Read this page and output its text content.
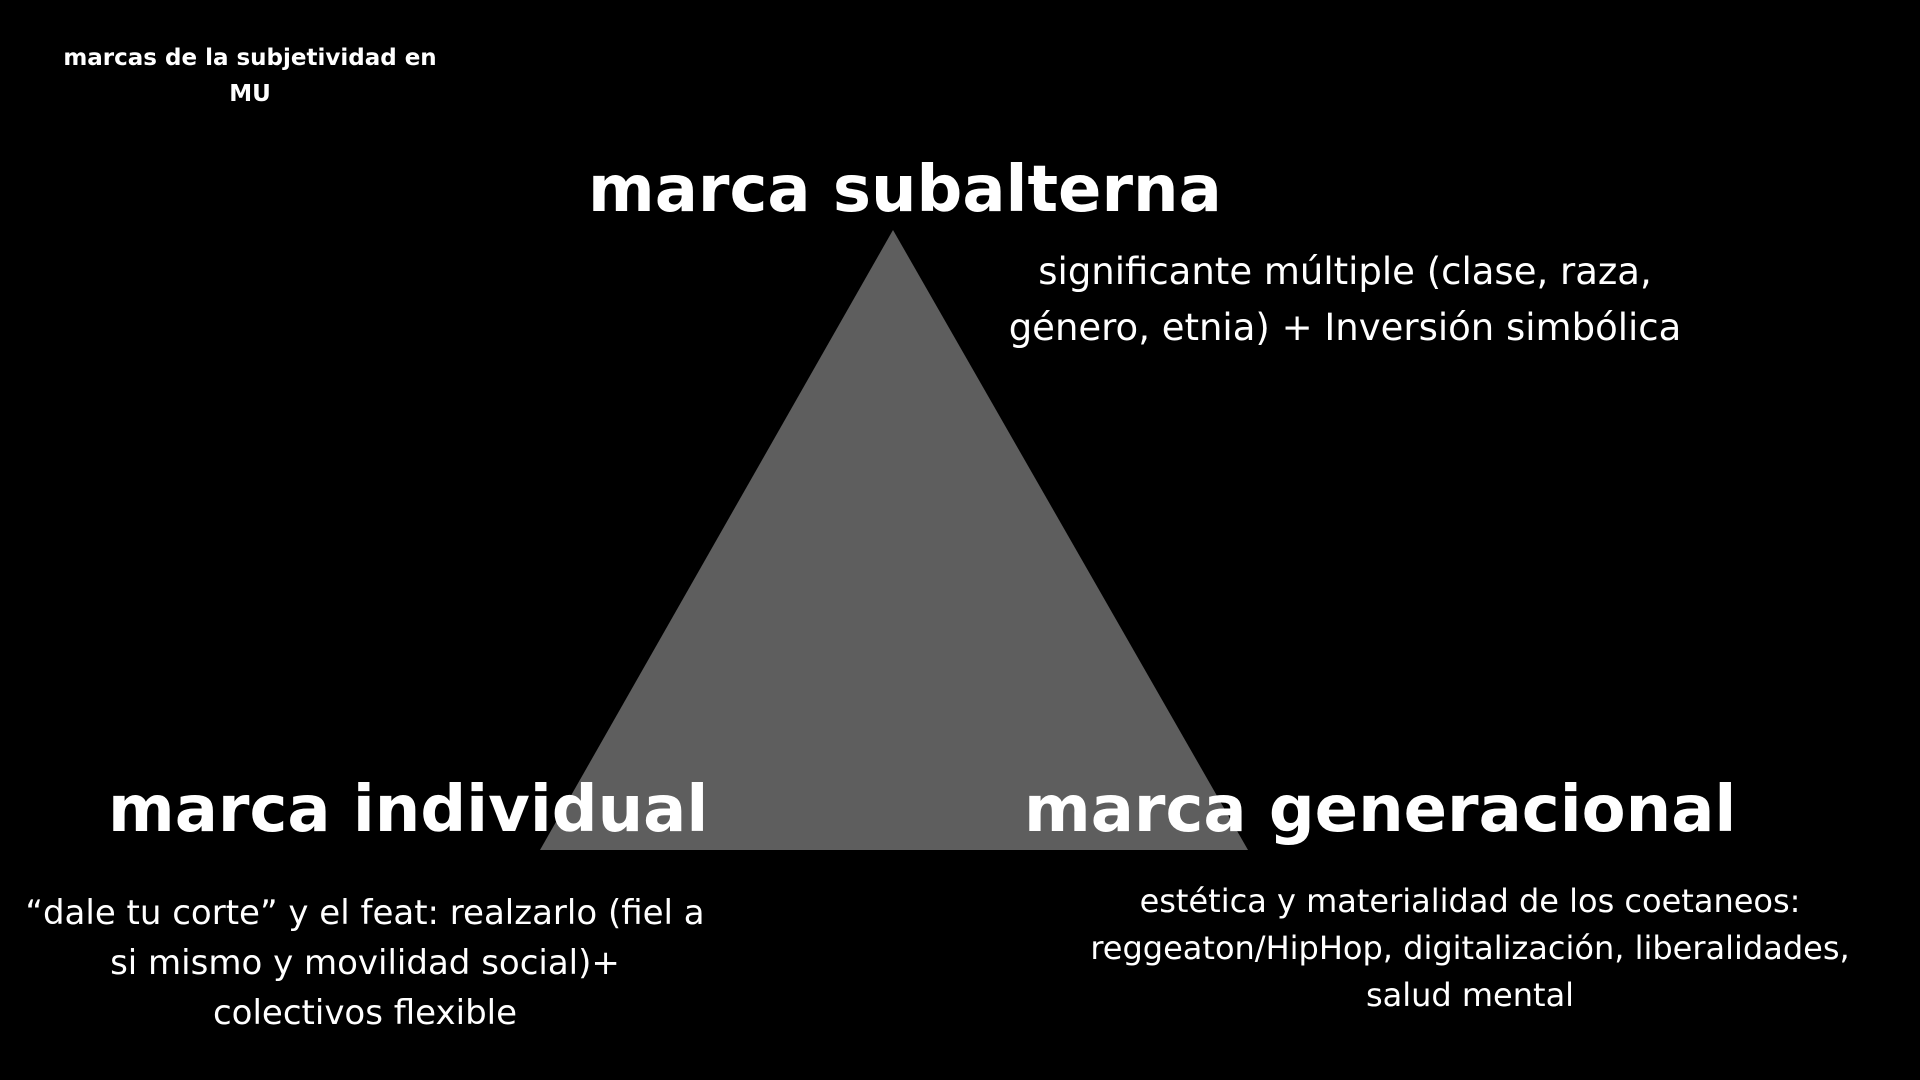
marcas de la subjetividad en MU
marca subalterna
significante múltiple (clase, raza, género, etnia) + Inversión simbólica
marca individual
“dale tu corte” y el feat: realzarlo (fiel a si mismo y movilidad social)+ colectivos flexible
marca generacional
estética y materialidad de los coetaneos: reggeaton/HipHop, digitalización, liberalidades, salud mental
